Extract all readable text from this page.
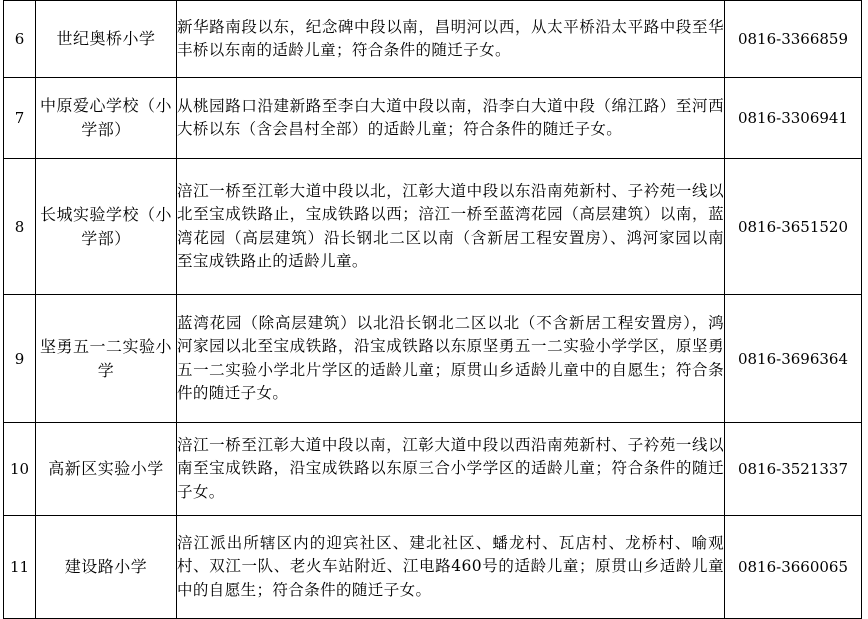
6	世纪奥桥小学	新华路南段以东，纪念碑中段以南，昌明河以西，从太平桥沿太平路中段至华丰桥以东南的适龄儿童；符合条件的随迁子女。	0816-3366859
7	中原爱心学校（小学部）	从桃园路口沿建新路至李白大道中段以南，沿李白大道中段（绵江路）至河西大桥以东（含会昌村全部）的适龄儿童；符合条件的随迁子女。	0816-3306941
8	长城实验学校（小学部）	涪江一桥至江彰大道中段以北，江彰大道中段以东沿南苑新村、子衿苑一线以北至宝成铁路止，宝成铁路以西；涪江一桥至蓝湾花园（高层建筑）以南，蓝湾花园（高层建筑）沿长钢北二区以南（含新居工程安置房）、鸿河家园以南至宝成铁路止的适龄儿童。	0816-3651520
9	坚勇五一二实验小学	蓝湾花园（除高层建筑）以北沿长钢北二区以北（不含新居工程安置房），鸿河家园以北至宝成铁路，沿宝成铁路以东原坚勇五一二实验小学学区，原坚勇五一二实验小学北片学区的适龄儿童；原贯山乡适龄儿童中的自愿生；符合条件的随迁子女。	0816-3696364
10	高新区实验小学	涪江一桥至江彰大道中段以南，江彰大道中段以西沿南苑新村、子衿苑一线以南至宝成铁路，沿宝成铁路以东原三合小学学区的适龄儿童；符合条件的随迁子女。	0816-3521337
11	建设路小学	涪江派出所辖区内的迎宾社区、建北社区、蟠龙村、瓦店村、龙桥村、喻观村、双江一队、老火车站附近、江电路460号的适龄儿童；原贯山乡适龄儿童中的自愿生；符合条件的随迁子女。	0816-3660065
